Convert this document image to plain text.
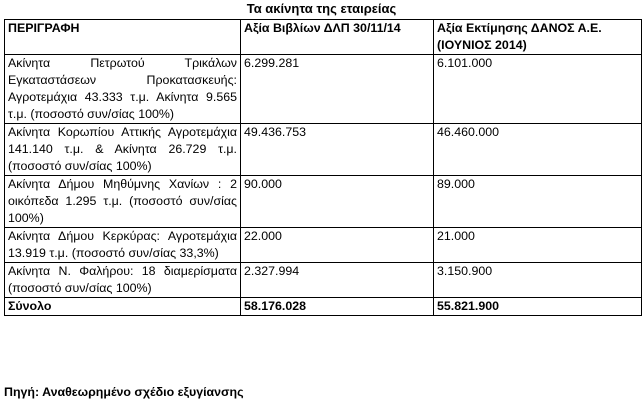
Τα ακίνητα της εταιρείας
ΠΕΡΙΓΡΑΦΗ	Αξία Βιβλίων ΔΛΠ 30/11/14	Αξία Εκτίμησης ΔΑΝΟΣ Α.Ε. (ΙΟΥΝΙΟΣ 2014)
Ακίνητα Πετρωτού Τρικάλων Εγκαταστάσεων Προκατασκευής: Αγροτεμάχια 43.333 τ.μ. Ακίνητα 9.565 τ.μ. (ποσοστό συν/σίας 100%)	6.299.281	6.101.000
Ακίνητα Κορωπίου Αττικής Αγροτεμάχια 141.140 τ.μ. & Ακίνητα 26.729 τ.μ. (ποσοστό συν/σίας 100%)	49.436.753	46.460.000
Ακίνητα Δήμου Μηθύμνης Χανίων : 2 οικόπεδα 1.295 τ.μ. (ποσοστό συν/σίας 100%)	90.000	89.000
Ακίνητα Δήμου Κερκύρας: Αγροτεμάχια 13.919 τ.μ. (ποσοστό συν/σίας 33,3%)	22.000	21.000
Ακίνητα Ν. Φαλήρου: 18 διαμερίσματα (ποσοστό συν/σίας 100%)	2.327.994	3.150.900
Σύνολο	58.176.028	55.821.900
Πηγή: Αναθεωρημένο σχέδιο εξυγίανσης
